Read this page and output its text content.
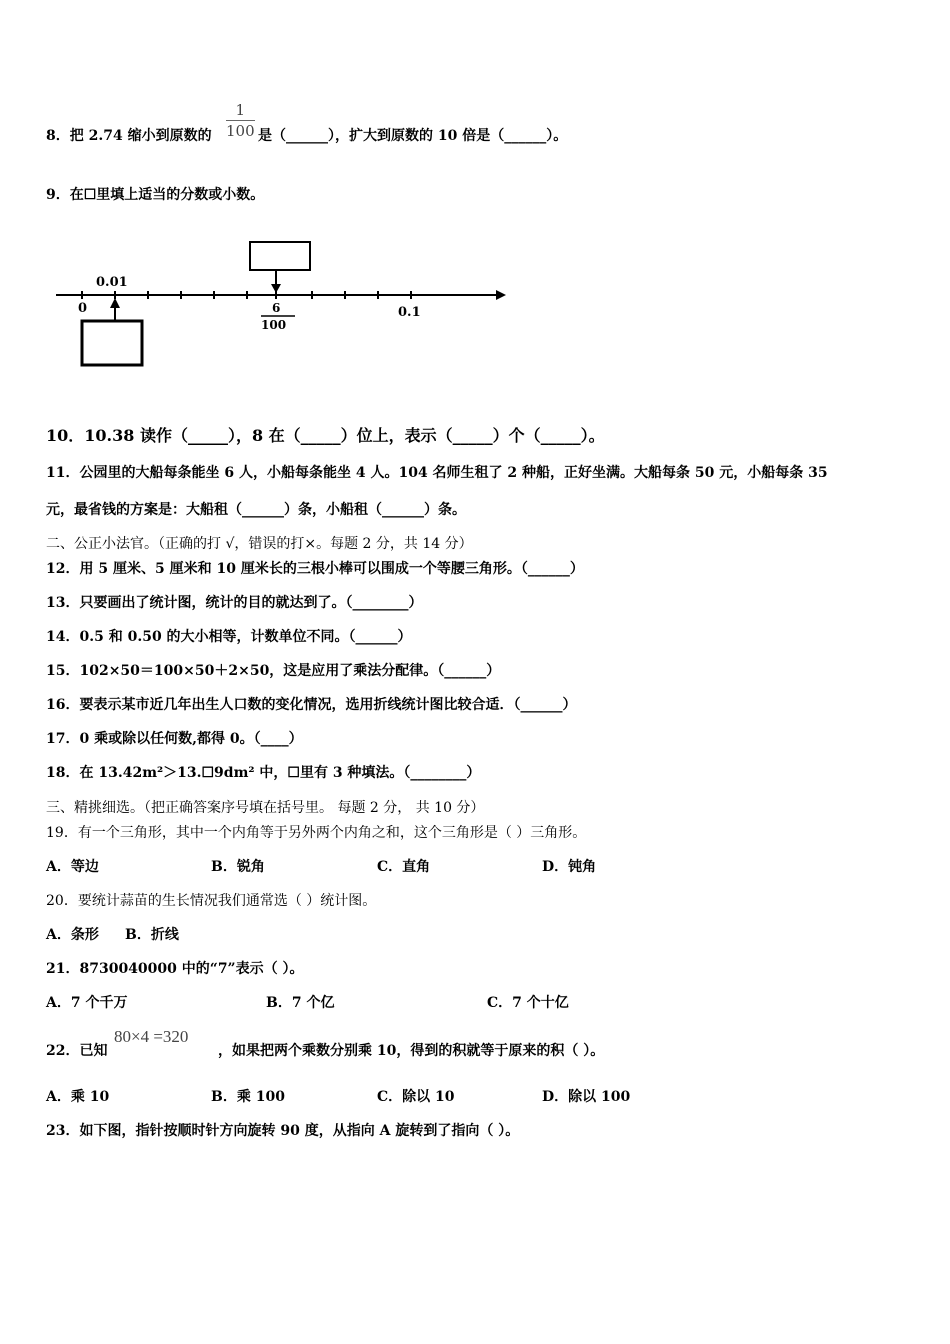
8．把 2.74 缩小到原数的 $\frac{1}{100}$ 是（______），扩大到原数的 10 倍是（______）。
9．在☐里填上适当的分数或小数。
0.01
0	6
100
0.1
10．10.38 读作（_____），8 在（_____）位上，表示（_____）个（_____）。
11．公园里的大船每条能坐 6 人，小船每条能坐 4 人。104 名师生租了 2 种船，正好坐满。大船每条 50 元，小船每条 35
元，最省钱的方案是：大船租（______）条，小船租（______）条。
二、公正小法官。（正确的打 √，错误的打×。每题 2 分，共 14 分）
12．用 5 厘米、5 厘米和 10 厘米长的三根小棒可以围成一个等腰三角形。（______）
13．只要画出了统计图，统计的目的就达到了。（________）
14．0.5 和 0.50 的大小相等，计数单位不同。（______）
15．102×50＝100×50＋2×50，这是应用了乘法分配律。（______）
16．要表示某市近几年出生人口数的变化情况，选用折线统计图比较合适．（______）
17．0 乘或除以任何数,都得 0。（____）
18．在 13.42m²＞13.☐9dm² 中，☐里有 3 种填法。（________）
三、精挑细选。（把正确答案序号填在括号里。 每题 2 分， 共 10 分）
19．有一个三角形，其中一个内角等于另外两个内角之和，这个三角形是（ ）三角形。
A．等边	B．锐角	C．直角	D．钝角
20．要统计蒜苗的生长情况我们通常选（ ）统计图。
A．条形 B．折线
21．8730040000 中的“7”表示（ ）。
A．7 个千万	B．7 个亿	C．7 个十亿
22．已知
80×4 =320
，如果把两个乘数分别乘 10，得到的积就等于原来的积（ ）。
A．乘 10	B．乘 100	C．除以 10	D．除以 100
23．如下图，指针按顺时针方向旋转 90 度，从指向 A 旋转到了指向（ ）。
